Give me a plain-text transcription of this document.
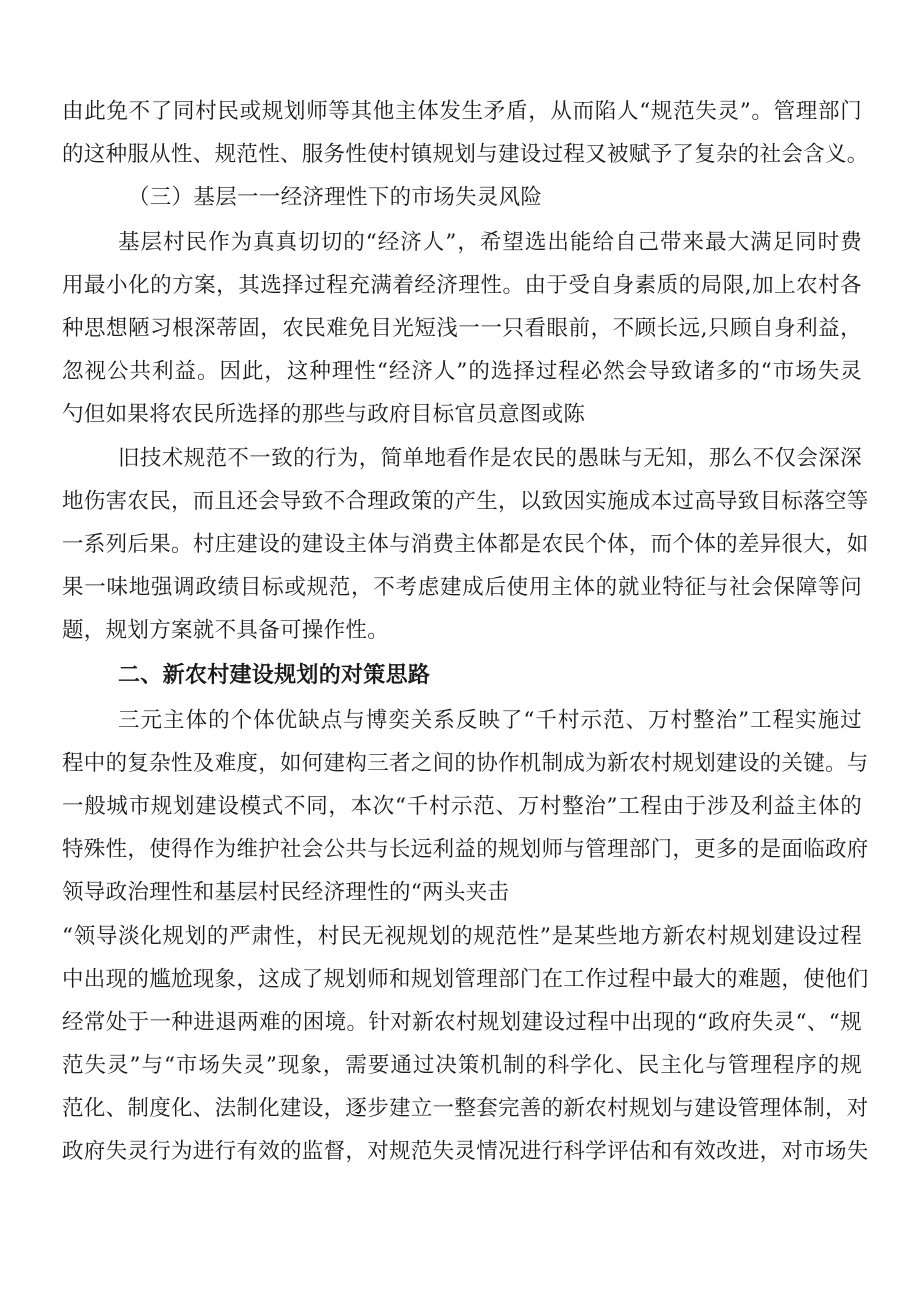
由此免不了同村民或规划师等其他主体发生矛盾，从而陷人“规范失灵”。管理部门
的这种服从性、规范性、服务性使村镇规划与建设过程又被赋予了复杂的社会含义。
（三）基层一一经济理性下的市场失灵风险
基层村民作为真真切切的“经济人”，希望选出能给自己带来最大满足同时费
用最小化的方案，其选择过程充满着经济理性。由于受自身素质的局限,加上农村各
种思想陋习根深蒂固，农民难免目光短浅一一只看眼前，不顾长远,只顾自身利益，
忽视公共利益。因此，这种理性“经济人”的选择过程必然会导致诸多的“市场失灵
勺但如果将农民所选择的那些与政府目标官员意图或陈
旧技术规范不一致的行为，简单地看作是农民的愚昧与无知，那么不仅会深深
地伤害农民，而且还会导致不合理政策的产生，以致因实施成本过高导致目标落空等
一系列后果。村庄建设的建设主体与消费主体都是农民个体，而个体的差异很大，如
果一味地强调政绩目标或规范，不考虑建成后使用主体的就业特征与社会保障等问
题，规划方案就不具备可操作性。
二、新农村建设规划的对策思路
三元主体的个体优缺点与博奕关系反映了“千村示范、万村整治”工程实施过
程中的复杂性及难度，如何建构三者之间的协作机制成为新农村规划建设的关键。与
一般城市规划建设模式不同，本次“千村示范、万村整治”工程由于涉及利益主体的
特殊性，使得作为维护社会公共与长远利益的规划师与管理部门，更多的是面临政府
领导政治理性和基层村民经济理性的“两头夹击
“领导淡化规划的严肃性，村民无视规划的规范性”是某些地方新农村规划建设过程
中出现的尴尬现象，这成了规划师和规划管理部门在工作过程中最大的难题，使他们
经常处于一种进退两难的困境。针对新农村规划建设过程中出现的“政府失灵“、“规
范失灵”与“市场失灵”现象，需要通过决策机制的科学化、民主化与管理程序的规
范化、制度化、法制化建设，逐步建立一整套完善的新农村规划与建设管理体制，对
政府失灵行为进行有效的监督，对规范失灵情况进行科学评估和有效改进，对市场失
